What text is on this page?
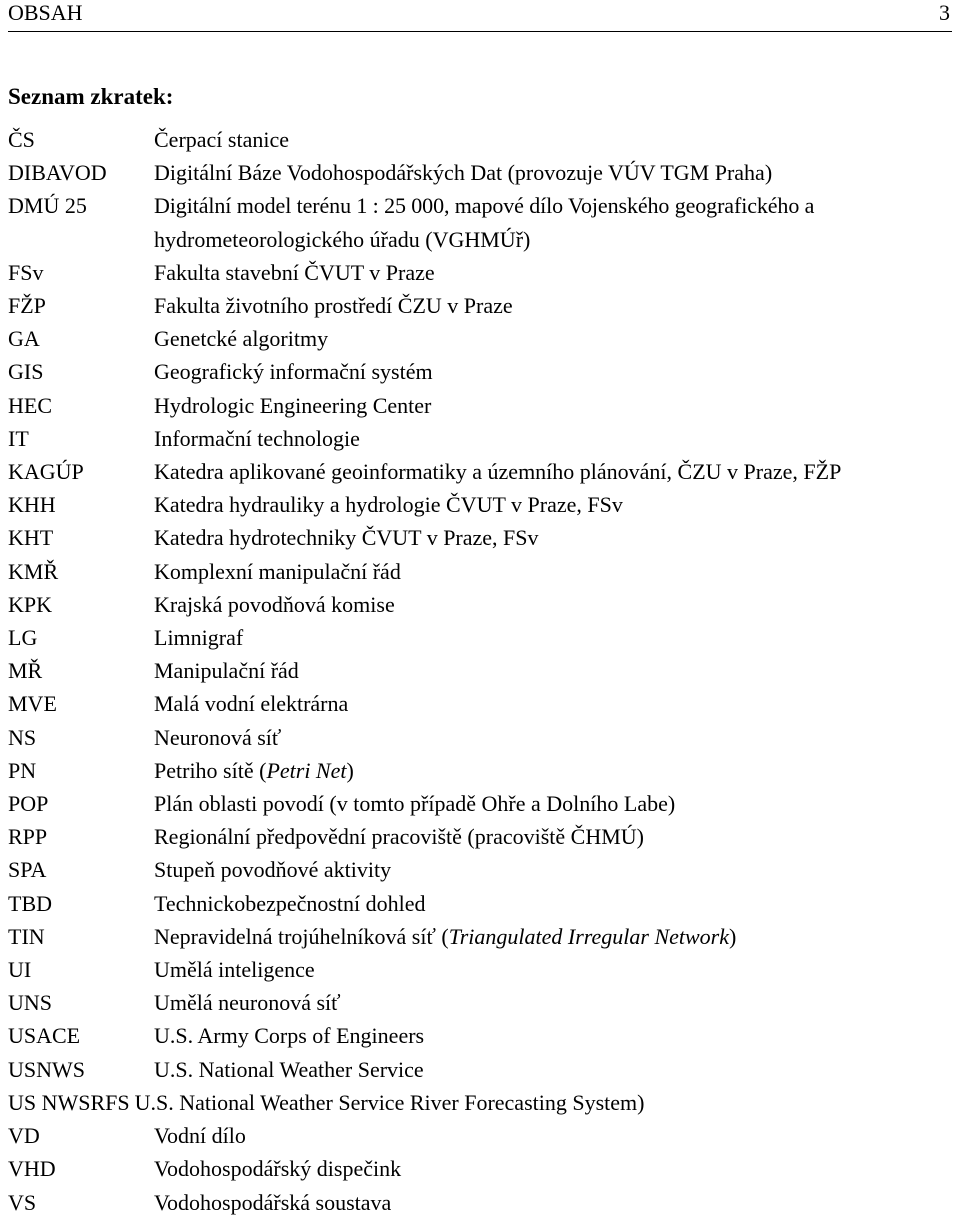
OBSAH	3
Seznam zkratek:
ČS	Čerpací stanice
DIBAVOD Digitální Báze Vodohospodářských Dat (provozuje VÚV TGM Praha)
DMÚ 25	Digitální model terénu 1 : 25 000, mapové dílo Vojenského geografického a
hydrometeorologického úřadu (VGHMÚř)
FSv	Fakulta stavební ČVUT v Praze
FŽP	Fakulta životního prostředí ČZU v Praze
GA	Genetcké algoritmy
GIS	Geografický informační systém
HEC	Hydrologic Engineering Center
IT	Informační technologie
KAGÚP	Katedra aplikované geoinformatiky a územního plánování, ČZU v Praze, FŽP
KHH	Katedra hydrauliky a hydrologie ČVUT v Praze, FSv
KHT	Katedra hydrotechniky ČVUT v Praze, FSv
KMŘ	Komplexní manipulační řád
KPK	Krajská povodňová komise
LG	Limnigraf
MŘ	Manipulační řád
MVE	Malá vodní elektrárna
NS	Neuronová síť
PN	Petriho sítě (Petri Net)
POP	Plán oblasti povodí (v tomto případě Ohře a Dolního Labe)
RPP	Regionální předpovědní pracoviště (pracoviště ČHMÚ)
SPA	Stupeň povodňové aktivity
TBD	Technickobezpečnostní dohled
TIN	Nepravidelná trojúhelníková síť (Triangulated Irregular Network)
UI	Umělá inteligence
UNS	Umělá neuronová síť
USACE	U.S. Army Corps of Engineers
USNWS	U.S. National Weather Service
US NWSRFS U.S. National Weather Service River Forecasting System)
VD	Vodní dílo
VHD	Vodohospodářský dispečink
VS	Vodohospodářská soustava
